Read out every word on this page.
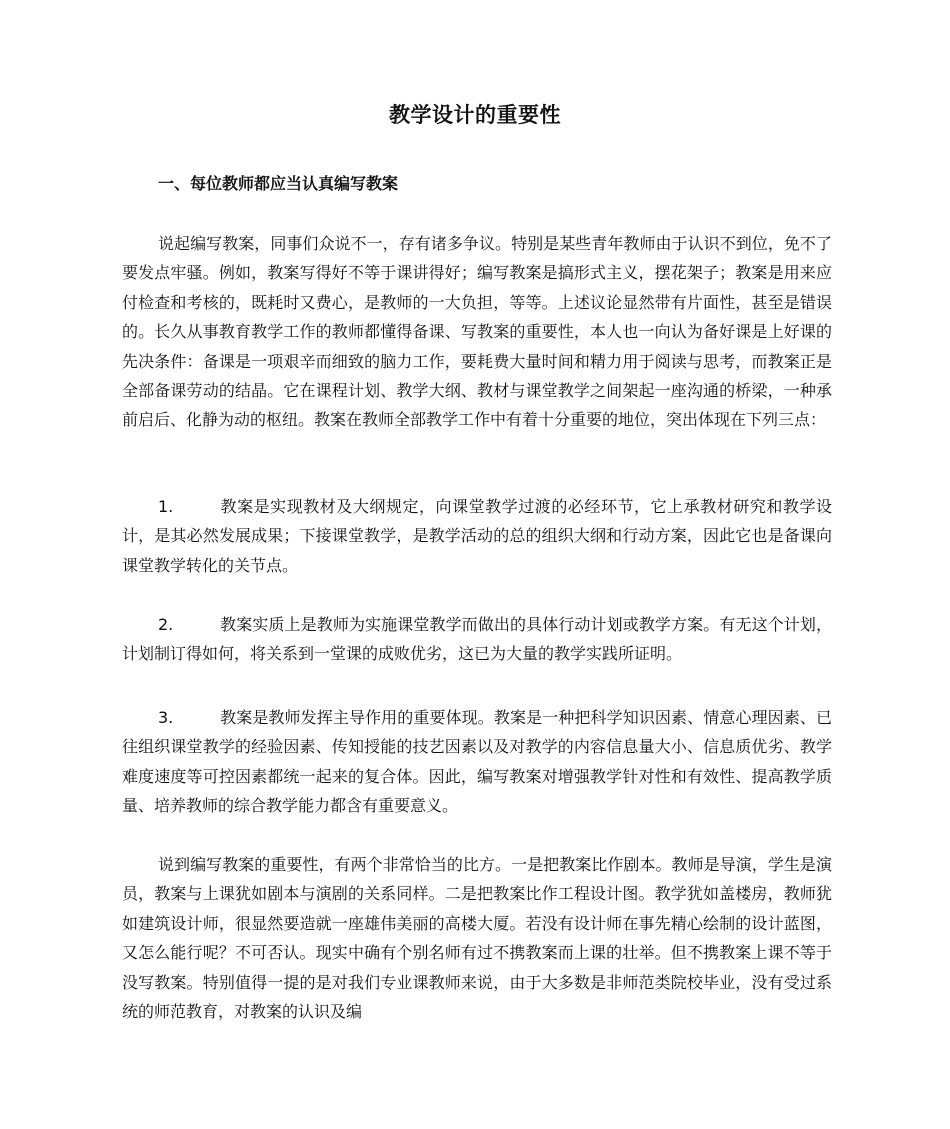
教学设计的重要性
一、每位教师都应当认真编写教案

说起编写教案，同事们众说不一，存有诸多争议。特别是某些青年教师由于认识不到位，免不了要发点牢骚。例如，教案写得好不等于课讲得好；编写教案是搞形式主义，摆花架子；教案是用来应付检查和考核的，既耗时又费心，是教师的一大负担，等等。上述议论显然带有片面性，甚至是错误的。长久从事教育教学工作的教师都懂得备课、写教案的重要性，本人也一向认为备好课是上好课的先决条件：备课是一项艰辛而细致的脑力工作，要耗费大量时间和精力用于阅读与思考，而教案正是全部备课劳动的结晶。它在课程计划、教学大纲、教材与课堂教学之间架起一座沟通的桥梁，一种承前启后、化静为动的枢纽。教案在教师全部教学工作中有着十分重要的地位，突出体现在下列三点：

1.	教案是实现教材及大纲规定，向课堂教学过渡的必经环节，它上承教材研究和教学设计，是其必然发展成果；下接课堂教学，是教学活动的总的组织大纲和行动方案，因此它也是备课向课堂教学转化的关节点。

2.	教案实质上是教师为实施课堂教学而做出的具体行动计划或教学方案。有无这个计划，计划制订得如何，将关系到一堂课的成败优劣，这已为大量的教学实践所证明。

3.	教案是教师发挥主导作用的重要体现。教案是一种把科学知识因素、情意心理因素、已往组织课堂教学的经验因素、传知授能的技艺因素以及对教学的内容信息量大小、信息质优劣、教学难度速度等可控因素都统一起来的复合体。因此，编写教案对增强教学针对性和有效性、提高教学质量、培养教师的综合教学能力都含有重要意义。

说到编写教案的重要性，有两个非常恰当的比方。一是把教案比作剧本。教师是导演，学生是演员，教案与上课犹如剧本与演剧的关系同样。二是把教案比作工程设计图。教学犹如盖楼房，教师犹如建筑设计师，很显然要造就一座雄伟美丽的高楼大厦。若没有设计师在事先精心绘制的设计蓝图，又怎么能行呢？不可否认。现实中确有个别名师有过不携教案而上课的壮举。但不携教案上课不等于没写教案。特别值得一提的是对我们专业课教师来说，由于大多数是非师范类院校毕业，没有受过系统的师范教育，对教案的认识及编
